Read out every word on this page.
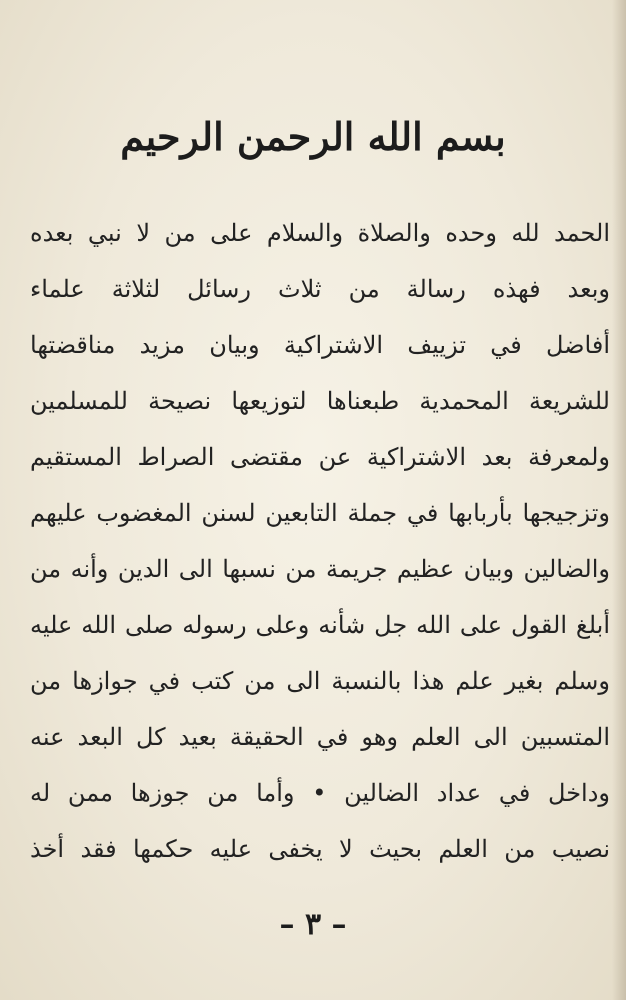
بسم الله الرحمن الرحيم
الحمد لله وحده والصلاة والسلام على من لا نبي بعده
وبعد فهذه رسالة من ثلاث رسائل لثلاثة علماء
أفاضل في تزييف الاشتراكية وبيان مزيد مناقضتها
للشريعة المحمدية طبعناها لتوزيعها نصيحة للمسلمين
ولمعرفة بعد الاشتراكية عن مقتضى الصراط المستقيم
وتزجيجها بأربابها في جملة التابعين لسنن المغضوب عليهم
والضالين وبيان عظيم جريمة من نسبها الى الدين وأنه من
أبلغ القول على الله جل شأنه وعلى رسوله صلى الله عليه
وسلم بغير علم هذا بالنسبة الى من كتب في جوازها من
المتسبين الى العلم وهو في الحقيقة بعيد كل البعد عنه
وداخل في عداد الضالين • وأما من جوزها ممن له
نصيب من العلم بحيث لا يخفى عليه حكمها فقد أخذ
– ٣ –
